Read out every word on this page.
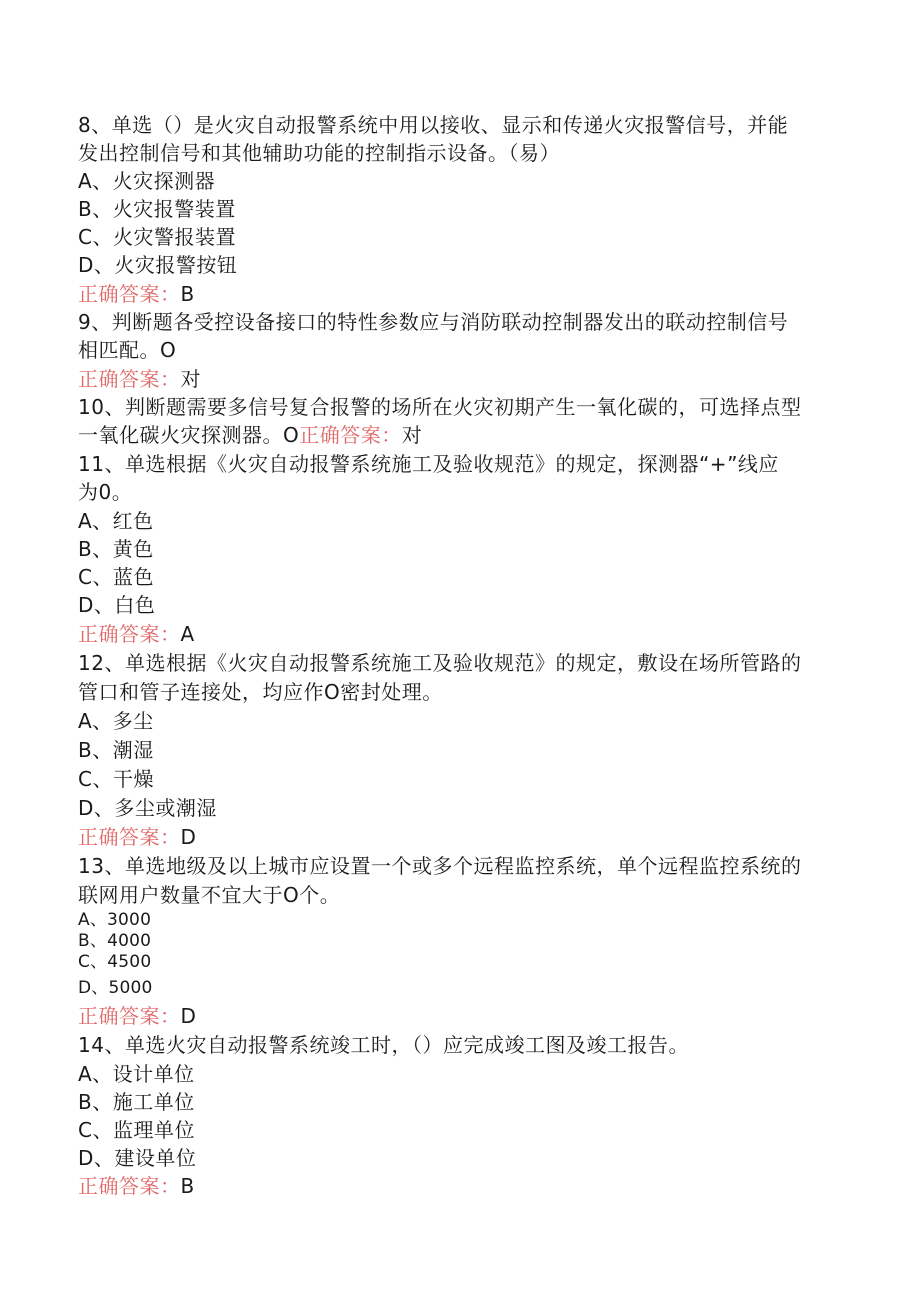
8、单选（）是火灾自动报警系统中用以接收、显示和传递火灾报警信号，并能

发出控制信号和其他辅助功能的控制指示设备。（易）

A、火灾探测器

B、火灾报警装置

C、火灾警报装置

D、火灾报警按钮

正确答案：B

9、判断题各受控设备接口的特性参数应与消防联动控制器发出的联动控制信号

相匹配。O

正确答案：对

10、判断题需要多信号复合报警的场所在火灾初期产生一氧化碳的，可选择点型

一氧化碳火灾探测器。O正确答案：对

11、单选根据《火灾自动报警系统施工及验收规范》的规定，探测器“+”线应

为0。

A、红色

B、黄色

C、蓝色

D、白色

正确答案：A

12、单选根据《火灾自动报警系统施工及验收规范》的规定，敷设在场所管路的

管口和管子连接处，均应作O密封处理。

A、多尘

B、潮湿

C、干燥

D、多尘或潮湿

正确答案：D

13、单选地级及以上城市应设置一个或多个远程监控系统，单个远程监控系统的

联网用户数量不宜大于O个。

A、3000

B、4000

C、4500

D、5000

正确答案：D

14、单选火灾自动报警系统竣工时，（）应完成竣工图及竣工报告。

A、设计单位

B、施工单位

C、监理单位

D、建设单位

正确答案：B
